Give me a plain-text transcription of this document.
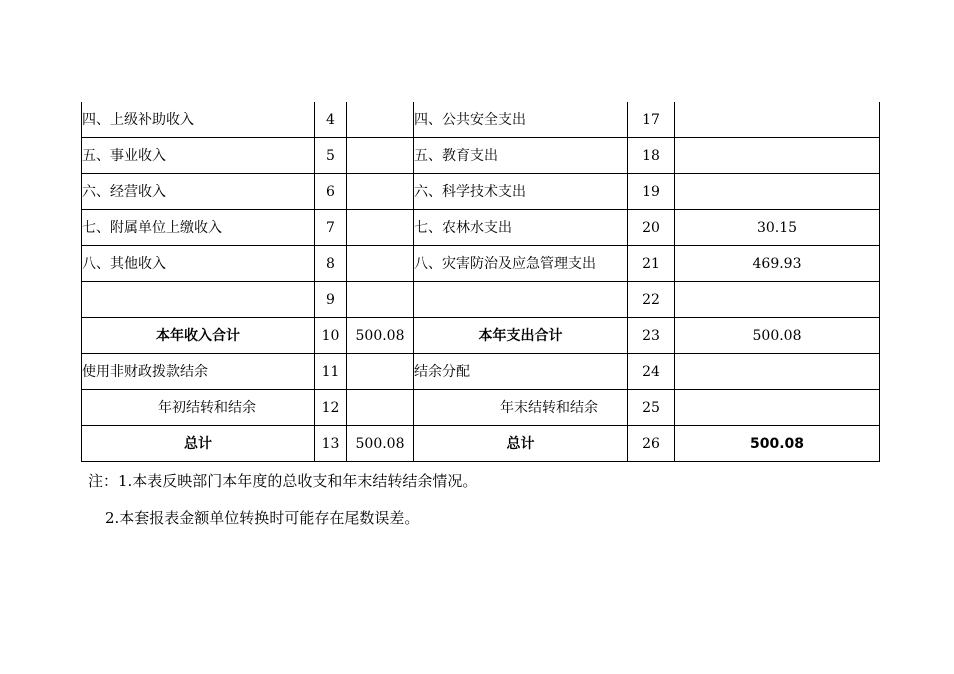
四、上级补助收入	4		四、公共安全支出	17	
五、事业收入	5		五、教育支出	18	
六、经营收入	6		六、科学技术支出	19	
七、附属单位上缴收入	7		七、农林水支出	20	30.15
八、其他收入	8		八、灾害防治及应急管理支出	21	469.93
	9			22	
本年收入合计	10	500.08	本年支出合计	23	500.08
使用非财政拨款结余	11		结余分配	24	
年初结转和结余	12		年末结转和结余	25	
总计	13	500.08	总计	26	500.08
注：1.本表反映部门本年度的总收支和年末结转结余情况。
2.本套报表金额单位转换时可能存在尾数误差。
